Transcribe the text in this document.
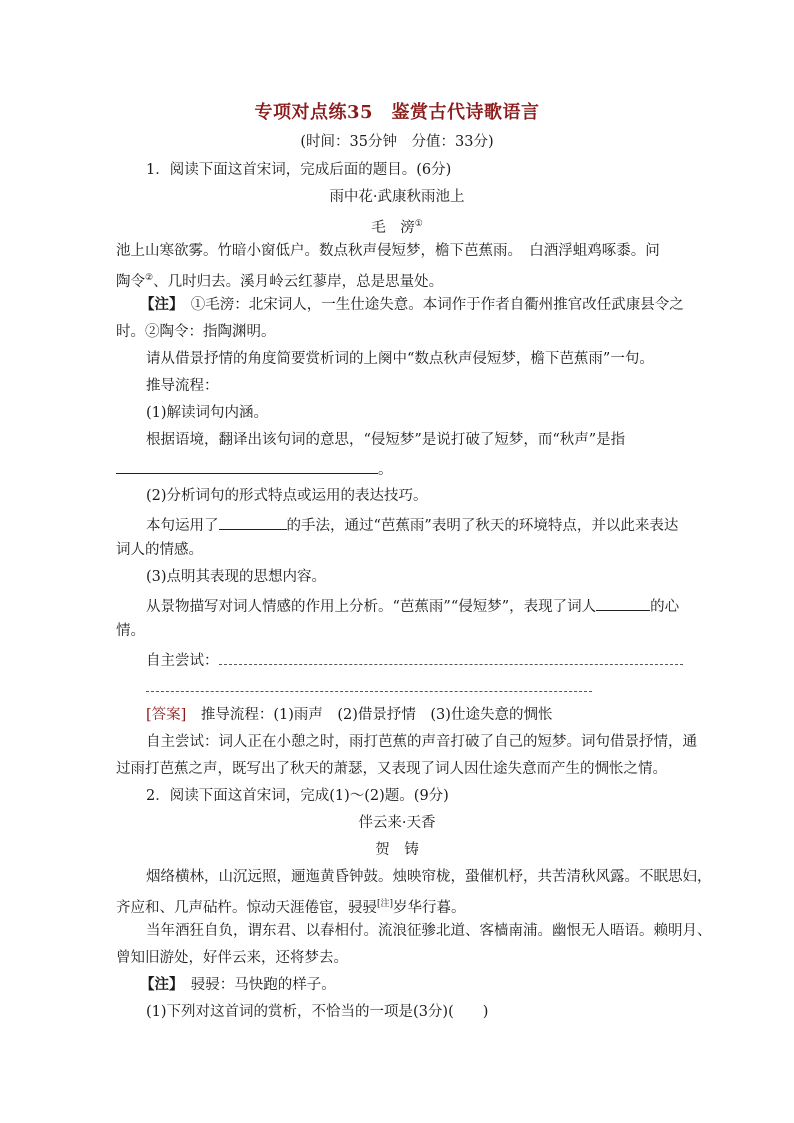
专项对点练35　鉴赏古代诗歌语言
(时间：35分钟　分值：33分)
1．阅读下面这首宋词，完成后面的题目。(6分)
雨中花·武康秋雨池上
毛　滂①
池上山寒欲雾。竹暗小窗低户。数点秋声侵短梦，檐下芭蕉雨。　白酒浮蛆鸡啄黍。问
陶令②、几时归去。溪月岭云红蓼岸，总是思量处。
【注】　①毛滂：北宋词人，一生仕途失意。本词作于作者自衢州推官改任武康县令之
时。②陶令：指陶渊明。
请从借景抒情的角度简要赏析词的上阕中“数点秋声侵短梦，檐下芭蕉雨”一句。
推导流程：
(1)解读词句内涵。
根据语境，翻译出该句词的意思，“侵短梦”是说打破了短梦，而“秋声”是指
。
(2)分析词句的形式特点或运用的表达技巧。
本句运用了	的手法，通过“芭蕉雨”表明了秋天的环境特点，并以此来表达
词人的情感。
(3)点明其表现的思想内容。
从景物描写对词人情感的作用上分析。“芭蕉雨”“侵短梦”，表现了词人	的心
情。
自主尝试：
[答案]　推导流程：(1)雨声　(2)借景抒情　(3)仕途失意的惆怅
自主尝试：词人正在小憩之时，雨打芭蕉的声音打破了自己的短梦。词句借景抒情，通
过雨打芭蕉之声，既写出了秋天的萧瑟，又表现了词人因仕途失意而产生的惆怅之情。
2．阅读下面这首宋词，完成(1)～(2)题。(9分)
伴云来·天香
贺　铸
烟络横林，山沉远照，逦迤黄昏钟鼓。烛映帘栊，蛩催机杼，共苦清秋风露。不眠思妇，
齐应和、几声砧杵。惊动天涯倦宦，骎骎[注]岁华行暮。
当年酒狂自负，谓东君、以春相付。流浪征骖北道、客樯南浦。幽恨无人晤语。赖明月、
曾知旧游处，好伴云来，还将梦去。
【注】　骎骎：马快跑的样子。
(1)下列对这首词的赏析，不恰当的一项是(3分)(　　)
